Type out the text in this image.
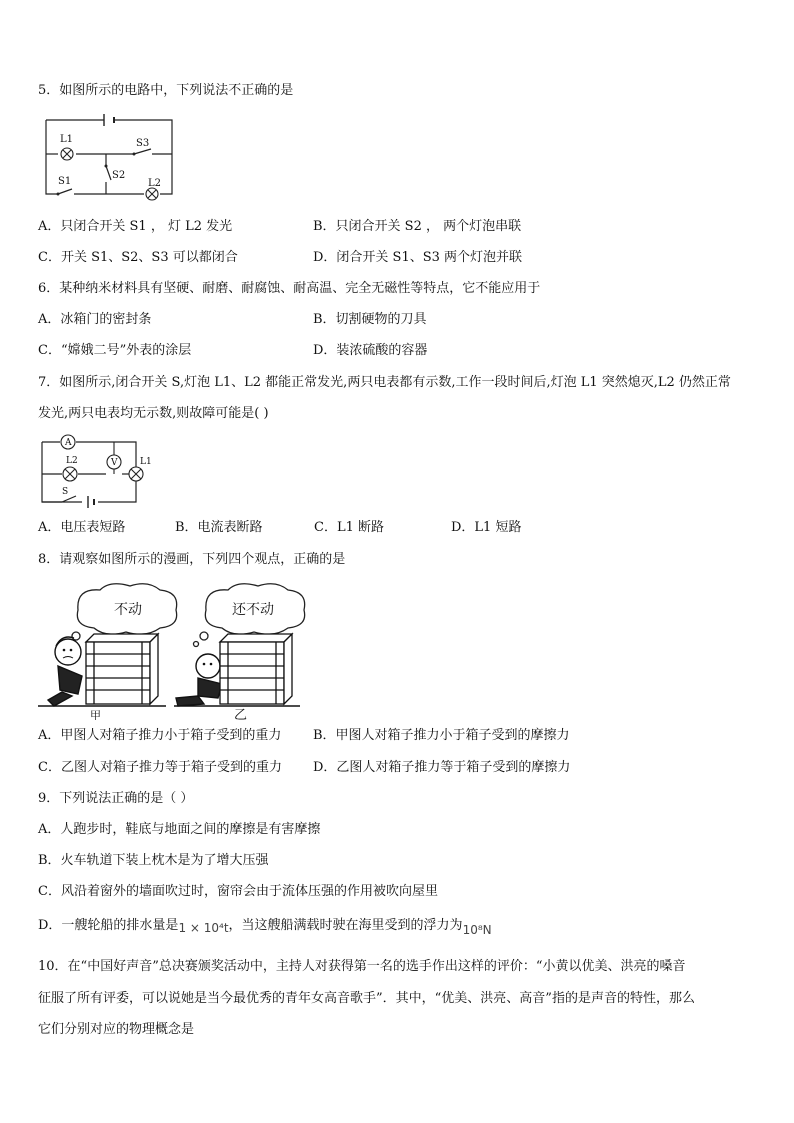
5．如图所示的电路中，下列说法不正确的是
L1	S3
S2
S1	L2
A．只闭合开关 S1 ， 灯 L2 发光	B．只闭合开关 S2 ， 两个灯泡串联
C．开关 S1、S2、S3 可以都闭合	D．闭合开关 S1、S3 两个灯泡并联
6．某种纳米材料具有坚硬、耐磨、耐腐蚀、耐高温、完全无磁性等特点，它不能应用于
A．冰箱门的密封条	B．切割硬物的刀具
C．“嫦娥二号”外表的涂层	D．装浓硫酸的容器
7．如图所示,闭合开关 S,灯泡 L1、L2 都能正常发光,两只电表都有示数,工作一段时间后,灯泡 L1 突然熄灭,L2 仍然正常
发光,两只电表均无示数,则故障可能是( )
A
V
L2	L1
S
A．电压表短路	B．电流表断路	C．L1 断路	D．L1 短路
8．请观察如图所示的漫画，下列四个观点，正确的是
不动	还不动
甲	乙
A．甲图人对箱子推力小于箱子受到的重力 B．甲图人对箱子推力小于箱子受到的摩擦力
C．乙图人对箱子推力等于箱子受到的重力 D．乙图人对箱子推力等于箱子受到的摩擦力
9．下列说法正确的是（ ）
A．人跑步时，鞋底与地面之间的摩擦是有害摩擦
B．火车轨道下装上枕木是为了增大压强
C．风沿着窗外的墙面吹过时，窗帘会由于流体压强的作用被吹向屋里
D．一艘轮船的排水量是1 × 10⁴t，当这艘船满载时驶在海里受到的浮力为10⁸N
10．在“中国好声音”总决赛颁奖活动中，主持人对获得第一名的选手作出这样的评价：“小黄以优美、洪亮的嗓音
征服了所有评委，可以说她是当今最优秀的青年女高音歌手”．其中，“优美、洪亮、高音”指的是声音的特性，那么
它们分别对应的物理概念是
